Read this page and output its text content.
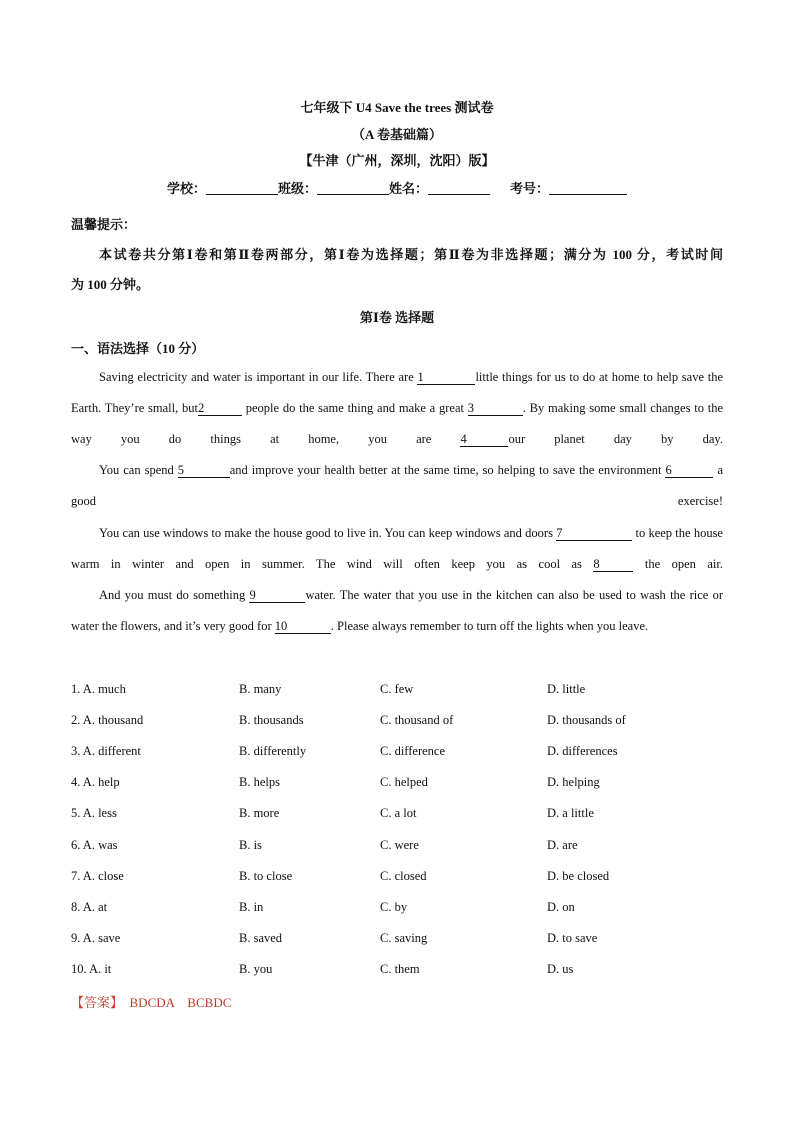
七年级下 U4 Save the trees 测试卷
（A 卷基础篇）
【牛津（广州，深圳，沈阳）版】
学校：	班级：	姓名：	考号：
温馨提示：
本试卷共分第Ⅰ卷和第Ⅱ卷两部分，第Ⅰ卷为选择题；第Ⅱ卷为非选择题；满分为 100 分，考试时间
为 100 分钟。
第Ⅰ卷 选择题
一、语法选择（10 分）
Saving electricity and water is important in our life. There are 1	little things for us to do at home to help save the Earth. They’re small, but2	people do the same thing and make a great 3	. By making some small changes to the way you do things at home, you are 4	our planet day by day.
You can spend 5	and improve your health better at the same time, so helping to save the environment 6	a good exercise!
You can use windows to make the house good to live in. You can keep windows and doors 7	to keep the house warm in winter and open in summer. The wind will often keep you as cool as 8	the open air.
And you must do something 9	water. The water that you use in the kitchen can also be used to wash the rice or water the flowers, and it’s very good for 10	. Please always remember to turn off the lights when you leave.
1. A. much	B. many	C. few	D. little
2. A. thousand	B. thousands	C. thousand of	D. thousands of
3. A. different	B. differently	C. difference	D. differences
4. A. help	B. helps	C. helped	D. helping
5. A. less	B. more	C. a lot	D. a little
6. A. was	B. is	C. were	D. are
7. A. close	B. to close	C. closed	D. be closed
8. A. at	B. in	C. by	D. on
9. A. save	B. saved	C. saving	D. to save
10. A. it	B. you	C. them	D. us
【答案】 BDCDA    BCBDC
